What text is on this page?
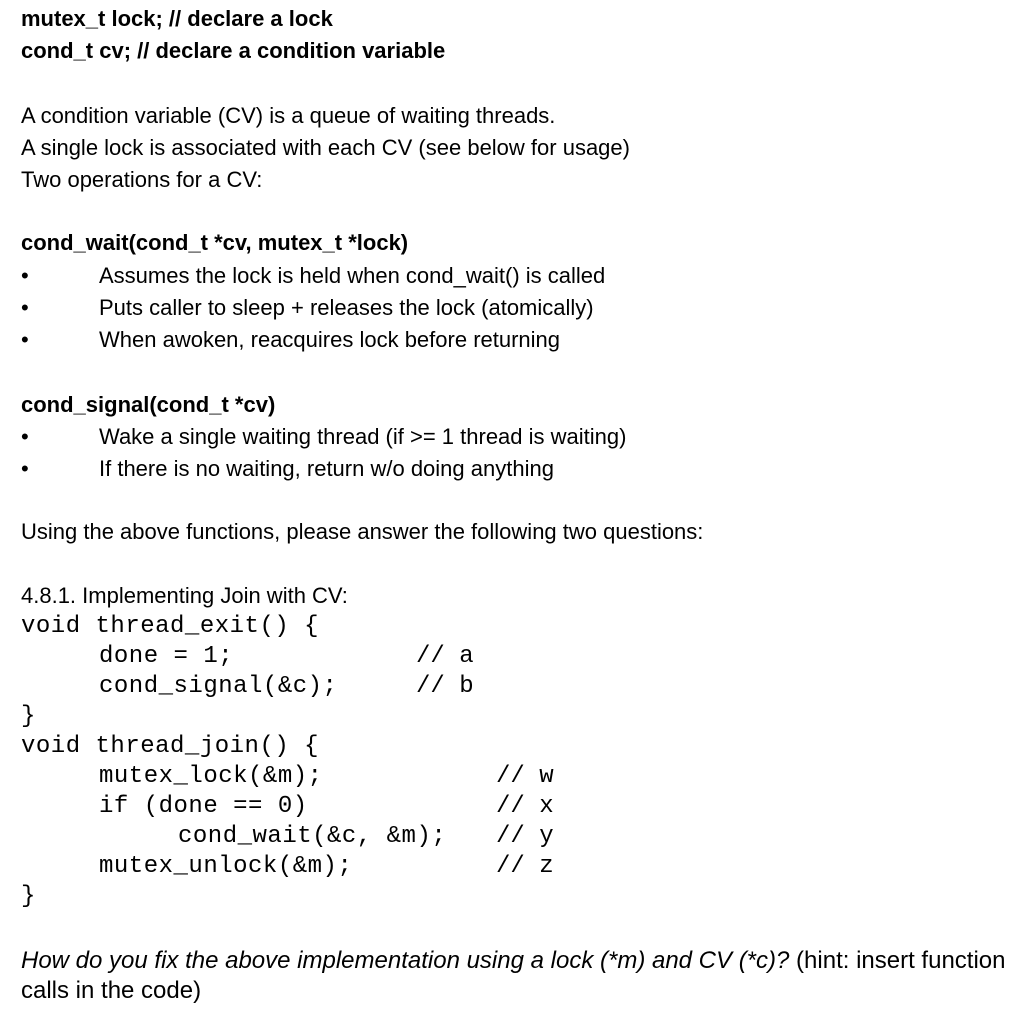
mutex_t lock; // declare a lock
cond_t cv; // declare a condition variable
A condition variable (CV) is a queue of waiting threads.
A single lock is associated with each CV (see below for usage)
Two operations for a CV:
cond_wait(cond_t *cv, mutex_t *lock)
•	Assumes the lock is held when cond_wait() is called
•	Puts caller to sleep + releases the lock (atomically)
•	When awoken, reacquires lock before returning
cond_signal(cond_t *cv)
•	Wake a single waiting thread (if >= 1 thread is waiting)
•	If there is no waiting, return w/o doing anything
Using the above functions, please answer the following two questions:
4.8.1. Implementing Join with CV:
void thread_exit() {
done = 1;	// a
cond_signal(&c);	// b
}
void thread_join() {
mutex_lock(&m);	// w
if (done == 0)	// x
cond_wait(&c, &m); // y
mutex_unlock(&m);	// z
}
How do you fix the above implementation using a lock (*m) and CV (*c)? (hint: insert function calls in the code)
